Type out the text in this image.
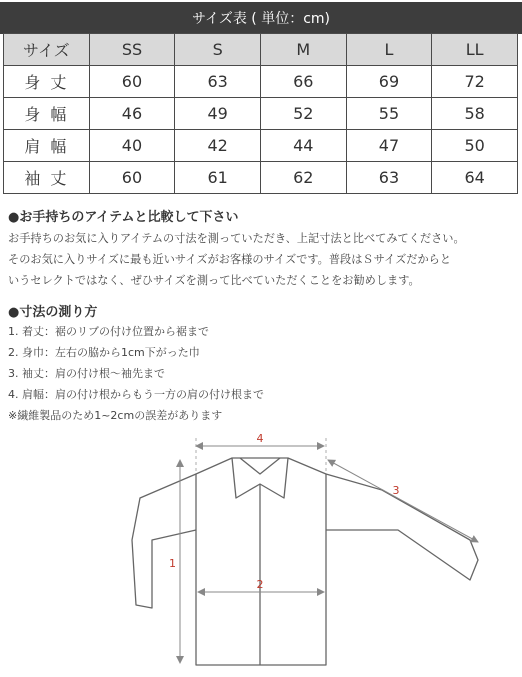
サイズ表 ( 単位：cm)
サイズ	SS	S	M	L	LL
身丈	60	63	66	69	72
身幅	46	49	52	55	58
肩幅	40	42	44	47	50
袖丈	60	61	62	63	64
●お手持ちのアイテムと比較して下さい
お手持ちのお気に入りアイテムの寸法を測っていただき、上記寸法と比べてみてください。
そのお気に入りサイズに最も近いサイズがお客様のサイズです。普段はＳサイズだからと
いうセレクトではなく、ぜひサイズを測って比べていただくことをお勧めします。
●寸法の測り方
1. 着丈：裾のリブの付け位置から裾まで
2. 身巾：左右の脇から1cm下がった巾
3. 袖丈：肩の付け根～袖先まで
4. 肩幅：肩の付け根からもう一方の肩の付け根まで
※繊維製品のため1~2cmの誤差があります
4
3
1
2
